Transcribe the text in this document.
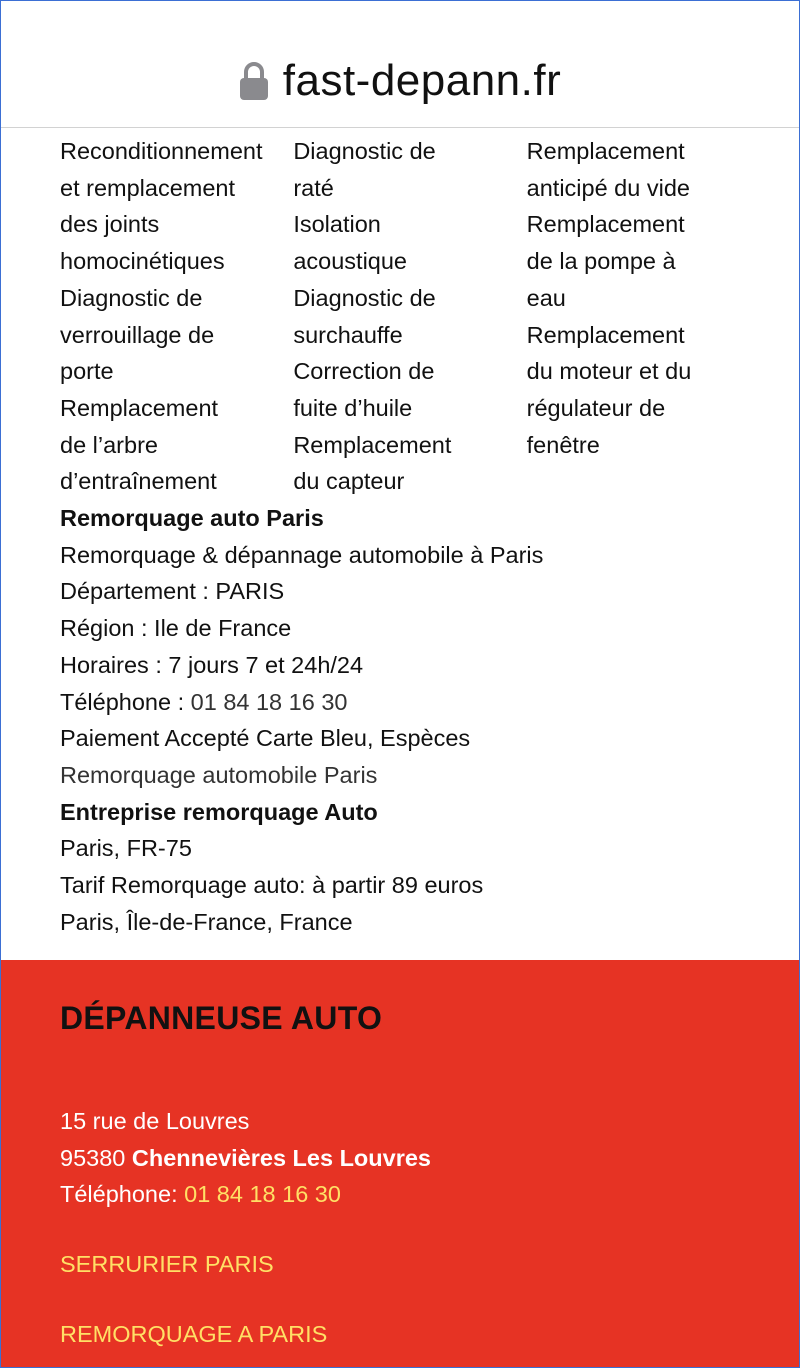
fast-depann.fr
Reconditionnement
et remplacement
des joints
homocinétiques
Diagnostic de
verrouillage de
porte
Remplacement
de l’arbre
d’entraînement
Diagnostic de
raté
Isolation
acoustique
Diagnostic de
surchauffe
Correction de
fuite d’huile
Remplacement
du capteur
Remplacement
anticipé du vide
Remplacement
de la pompe à
eau
Remplacement
du moteur et du
régulateur de
fenêtre
Remorquage auto Paris
Remorquage & dépannage automobile à Paris
Département : PARIS
Région : Ile de France
Horaires : 7 jours 7 et 24h/24
Téléphone : 01 84 18 16 30
Paiement Accepté Carte Bleu, Espèces
Remorquage automobile Paris
Entreprise remorquage Auto
Paris, FR-75
Tarif Remorquage auto: à partir 89 euros
Paris, Île-de-France, France
DÉPANNEUSE AUTO
15 rue de Louvres
95380 Chennevières Les Louvres
Téléphone: 01 84 18 16 30
SERRURIER PARIS
REMORQUAGE A PARIS
